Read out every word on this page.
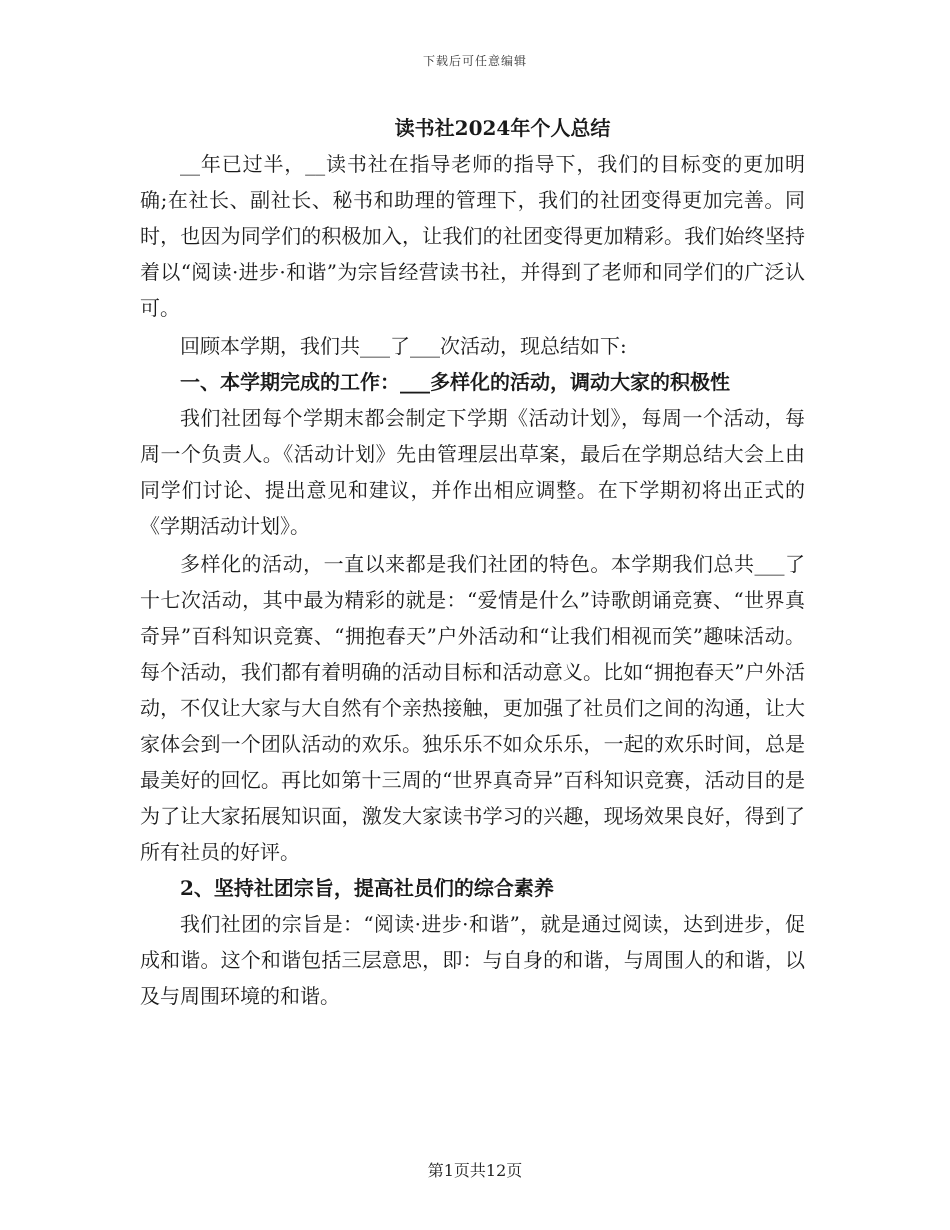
下载后可任意编辑
读书社2024年个人总结

__年已过半，__读书社在指导老师的指导下，我们的目标变的更加明确;在社长、副社长、秘书和助理的管理下，我们的社团变得更加完善。同时，也因为同学们的积极加入，让我们的社团变得更加精彩。我们始终坚持着以“阅读·进步·和谐”为宗旨经营读书社，并得到了老师和同学们的广泛认可。

回顾本学期，我们共___了___次活动，现总结如下:

一、本学期完成的工作：___多样化的活动，调动大家的积极性

我们社团每个学期末都会制定下学期《活动计划》，每周一个活动，每周一个负责人。《活动计划》先由管理层出草案，最后在学期总结大会上由同学们讨论、提出意见和建议，并作出相应调整。在下学期初将出正式的《学期活动计划》。

多样化的活动，一直以来都是我们社团的特色。本学期我们总共___了十七次活动，其中最为精彩的就是：“爱情是什么”诗歌朗诵竞赛、“世界真奇异”百科知识竞赛、“拥抱春天”户外活动和“让我们相视而笑”趣味活动。每个活动，我们都有着明确的活动目标和活动意义。比如“拥抱春天”户外活动，不仅让大家与大自然有个亲热接触，更加强了社员们之间的沟通，让大家体会到一个团队活动的欢乐。独乐乐不如众乐乐，一起的欢乐时间，总是最美好的回忆。再比如第十三周的“世界真奇异”百科知识竞赛，活动目的是为了让大家拓展知识面，激发大家读书学习的兴趣，现场效果良好，得到了所有社员的好评。

2、坚持社团宗旨，提高社员们的综合素养

我们社团的宗旨是：“阅读·进步·和谐”，就是通过阅读，达到进步，促成和谐。这个和谐包括三层意思，即：与自身的和谐，与周围人的和谐，以及与周围环境的和谐。

第1页共12页
